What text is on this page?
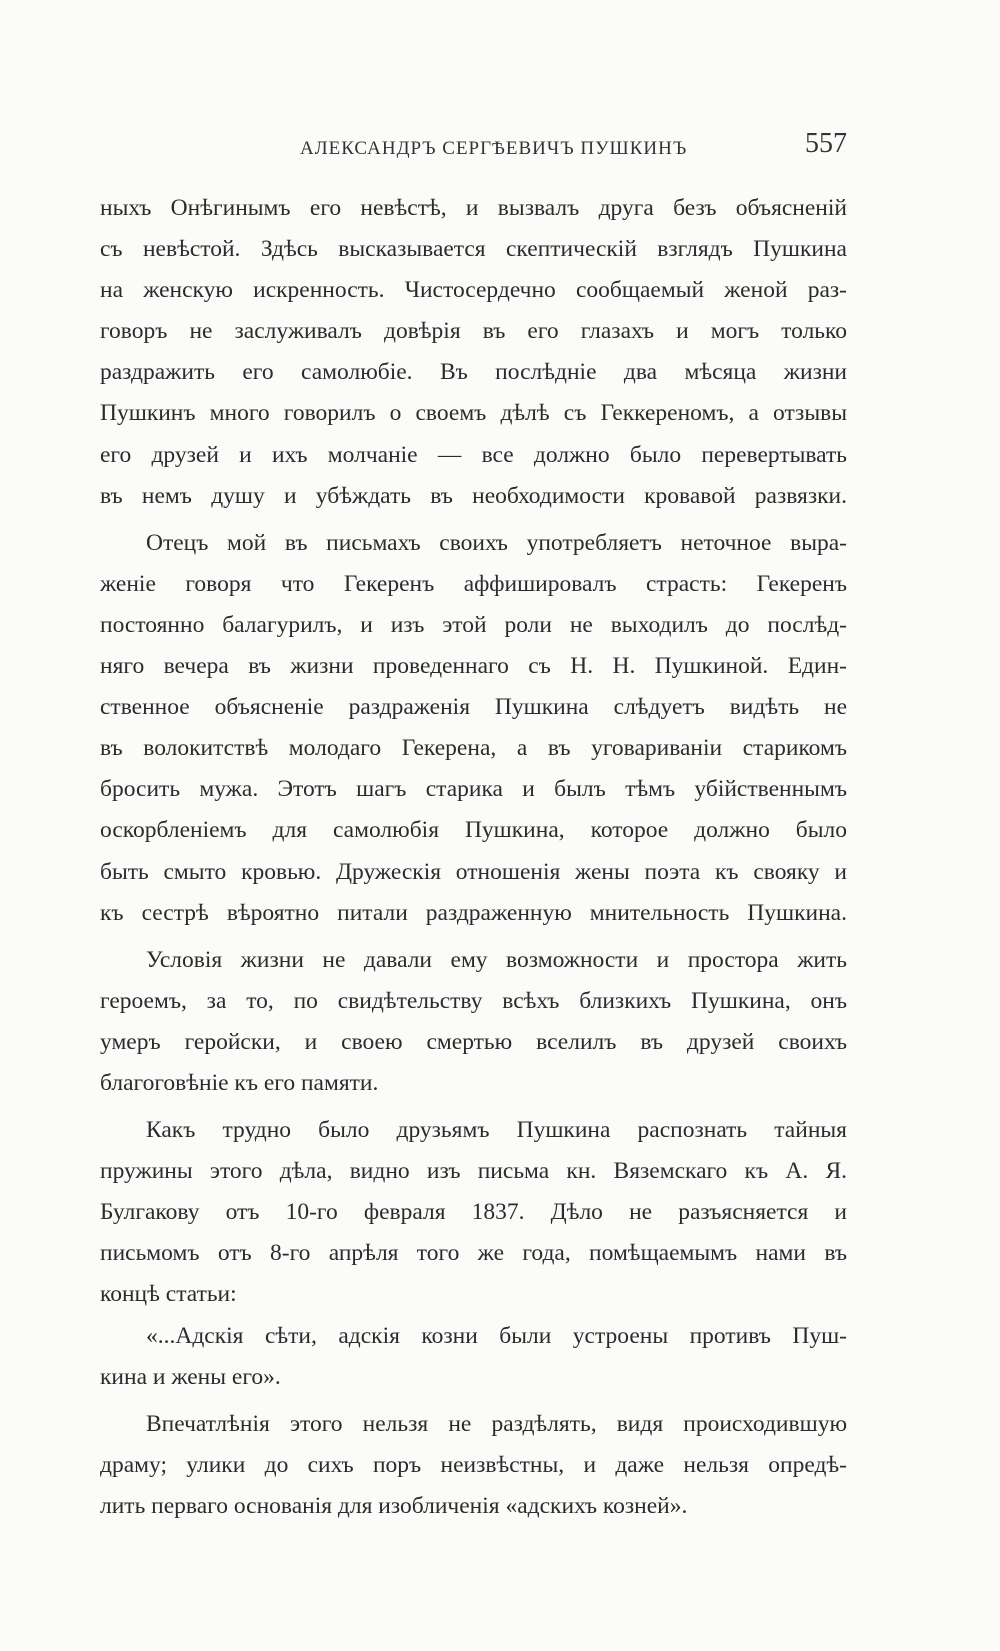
АЛЕКСАНДРЪ СЕРГѢЕВИЧЪ ПУШКИНЪ	557
ныхъ Онѣгинымъ его невѣстѣ, и вызвалъ друга безъ объясненій
съ невѣстой. Здѣсь высказывается скептическій взглядъ Пушкина
на женскую искренность. Чистосердечно сообщаемый женой раз-
говоръ не заслуживалъ довѣрія въ его глазахъ и могъ только
раздражить его самолюбіе. Въ послѣдніе два мѣсяца жизни
Пушкинъ много говорилъ о своемъ дѣлѣ съ Геккереномъ, а отзывы
его друзей и ихъ молчаніе — все должно было перевертывать
въ немъ душу и убѣждать въ необходимости кровавой развязки.
Отецъ мой въ письмахъ своихъ употребляетъ неточное выра-
женіе говоря что Гекеренъ аффишировалъ страсть: Гекеренъ
постоянно балагурилъ, и изъ этой роли не выходилъ до послѣд-
няго вечера въ жизни проведеннаго съ Н. Н. Пушкиной. Един-
ственное объясненіе раздраженія Пушкина слѣдуетъ видѣть не
въ волокитствѣ молодаго Гекерена, а въ уговариваніи старикомъ
бросить мужа. Этотъ шагъ старика и былъ тѣмъ убійственнымъ
оскорбленіемъ для самолюбія Пушкина, которое должно было
быть смыто кровью. Дружескія отношенія жены поэта къ свояку и
къ сестрѣ вѣроятно питали раздраженную мнительность Пушкина.
Условія жизни не давали ему возможности и простора жить
героемъ, за то, по свидѣтельству всѣхъ близкихъ Пушкина, онъ
умеръ геройски, и своею смертью вселилъ въ друзей своихъ
благоговѣніе къ его памяти.
Какъ трудно было друзьямъ Пушкина распознать тайныя
пружины этого дѣла, видно изъ письма кн. Вяземскаго къ А. Я.
Булгакову отъ 10-го февраля 1837. Дѣло не разъясняется и
письмомъ отъ 8-го апрѣля того же года, помѣщаемымъ нами въ
концѣ статьи:
«...Адскія сѣти, адскія козни были устроены противъ Пуш-
кина и жены его».
Впечатлѣнія этого нельзя не раздѣлять, видя происходившую
драму; улики до сихъ поръ неизвѣстны, и даже нельзя опредѣ-
лить перваго основанія для изобличенія «адскихъ козней».
